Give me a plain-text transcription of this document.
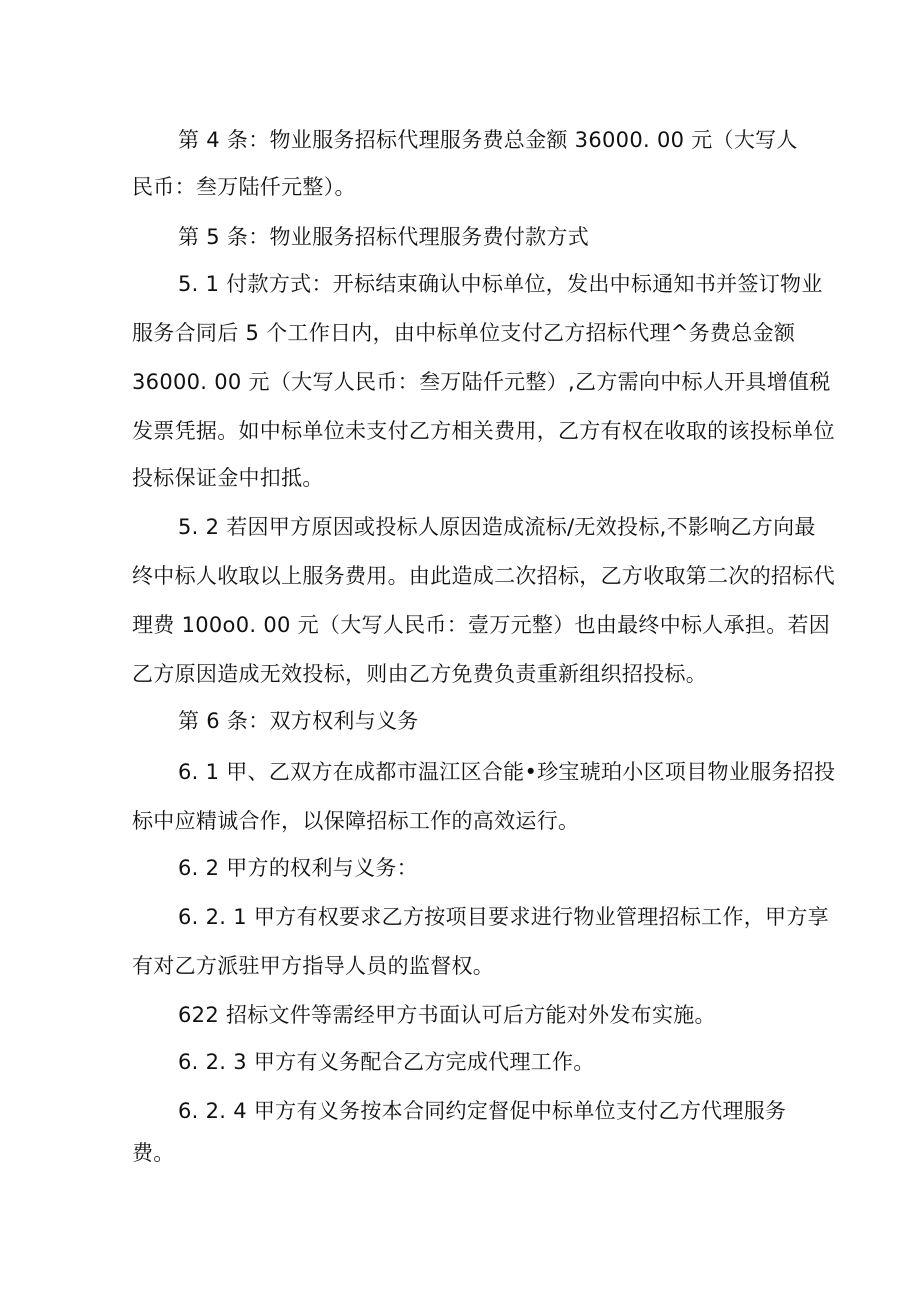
第 4 条：物业服务招标代理服务费总金额 36000. 00 元（大写人
民币：叁万陆仟元整）。
第 5 条：物业服务招标代理服务费付款方式
5. 1 付款方式：开标结束确认中标单位，发出中标通知书并签订物业
服务合同后 5 个工作日内，由中标单位支付乙方招标代理^务费总金额
36000. 00 元（大写人民币：叁万陆仟元整）,乙方需向中标人开具增值税
发票凭据。如中标单位未支付乙方相关费用，乙方有权在收取的该投标单位
投标保证金中扣抵。
5. 2 若因甲方原因或投标人原因造成流标/无效投标,不影响乙方向最
终中标人收取以上服务费用。由此造成二次招标，乙方收取第二次的招标代
理费 100o0. 00 元（大写人民币：壹万元整）也由最终中标人承担。若因
乙方原因造成无效投标，则由乙方免费负责重新组织招投标。
第 6 条：双方权利与义务
6. 1 甲、乙双方在成都市温江区合能•珍宝琥珀小区项目物业服务招投
标中应精诚合作，以保障招标工作的高效运行。
6. 2 甲方的权利与义务：
6. 2. 1 甲方有权要求乙方按项目要求进行物业管理招标工作，甲方享
有对乙方派驻甲方指导人员的监督权。
622 招标文件等需经甲方书面认可后方能对外发布实施。
6. 2. 3 甲方有义务配合乙方完成代理工作。
6. 2. 4 甲方有义务按本合同约定督促中标单位支付乙方代理服务
费。
